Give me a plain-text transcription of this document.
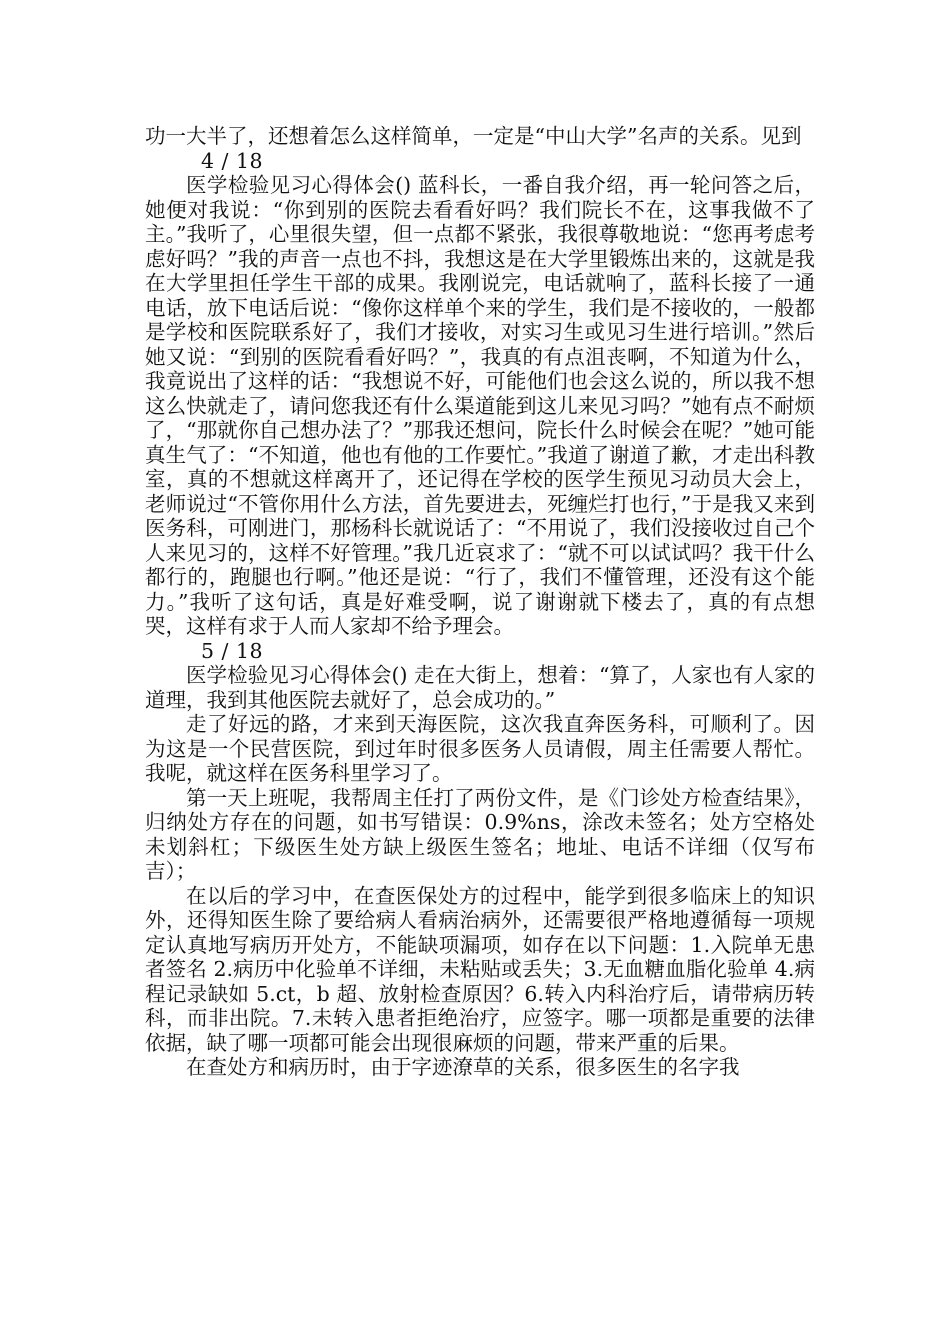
功一大半了，还想着怎么这样简单，一定是“中山大学”名声的关系。见到

4 / 18

医学检验见习心得体会() 蓝科长，一番自我介绍，再一轮问答之后，她便对我说：“你到别的医院去看看好吗？我们院长不在，这事我做不了主。”我听了，心里很失望，但一点都不紧张，我很尊敬地说：“您再考虑考虑好吗？”我的声音一点也不抖，我想这是在大学里锻炼出来的，这就是我在大学里担任学生干部的成果。我刚说完，电话就响了，蓝科长接了一通电话，放下电话后说：“像你这样单个来的学生，我们是不接收的，一般都是学校和医院联系好了，我们才接收，对实习生或见习生进行培训。”然后她又说：“到别的医院看看好吗？”，我真的有点沮丧啊，不知道为什么，我竟说出了这样的话：“我想说不好，可能他们也会这么说的，所以我不想这么快就走了，请问您我还有什么渠道能到这儿来见习吗？”她有点不耐烦了，“那就你自己想办法了？”那我还想问，院长什么时候会在呢？”她可能真生气了：“不知道，他也有他的工作要忙。”我道了谢道了歉，才走出科教室，真的不想就这样离开了，还记得在学校的医学生预见习动员大会上，老师说过“不管你用什么方法，首先要进去，死缠烂打也行，”于是我又来到医务科，可刚进门，那杨科长就说话了：“不用说了，我们没接收过自己个人来见习的，这样不好管理。”我几近哀求了：“就不可以试试吗？我干什么都行的，跑腿也行啊。”他还是说：“行了，我们不懂管理，还没有这个能力。”我听了这句话，真是好难受啊，说了谢谢就下楼去了，真的有点想哭，这样有求于人而人家却不给予理会。

5 / 18

医学检验见习心得体会() 走在大街上，想着：“算了，人家也有人家的道理，我到其他医院去就好了，总会成功的。”

走了好远的路，才来到天海医院，这次我直奔医务科，可顺利了。因为这是一个民营医院，到过年时很多医务人员请假，周主任需要人帮忙。我呢，就这样在医务科里学习了。

第一天上班呢，我帮周主任打了两份文件，是《门诊处方检查结果》，归纳处方存在的问题，如书写错误：0.9%ns，涂改未签名；处方空格处未划斜杠；下级医生处方缺上级医生签名；地址、电话不详细（仅写布吉）；

在以后的学习中，在查医保处方的过程中，能学到很多临床上的知识外，还得知医生除了要给病人看病治病外，还需要很严格地遵循每一项规定认真地写病历开处方，不能缺项漏项，如存在以下问题：1.入院单无患者签名 2.病历中化验单不详细，未粘贴或丢失；3.无血糖血脂化验单 4.病程记录缺如 5.ct，b 超、放射检查原因？6.转入内科治疗后，请带病历转科，而非出院。7.未转入患者拒绝治疗，应签字。哪一项都是重要的法律依据，缺了哪一项都可能会出现很麻烦的问题，带来严重的后果。

在查处方和病历时，由于字迹潦草的关系，很多医生的名字我
